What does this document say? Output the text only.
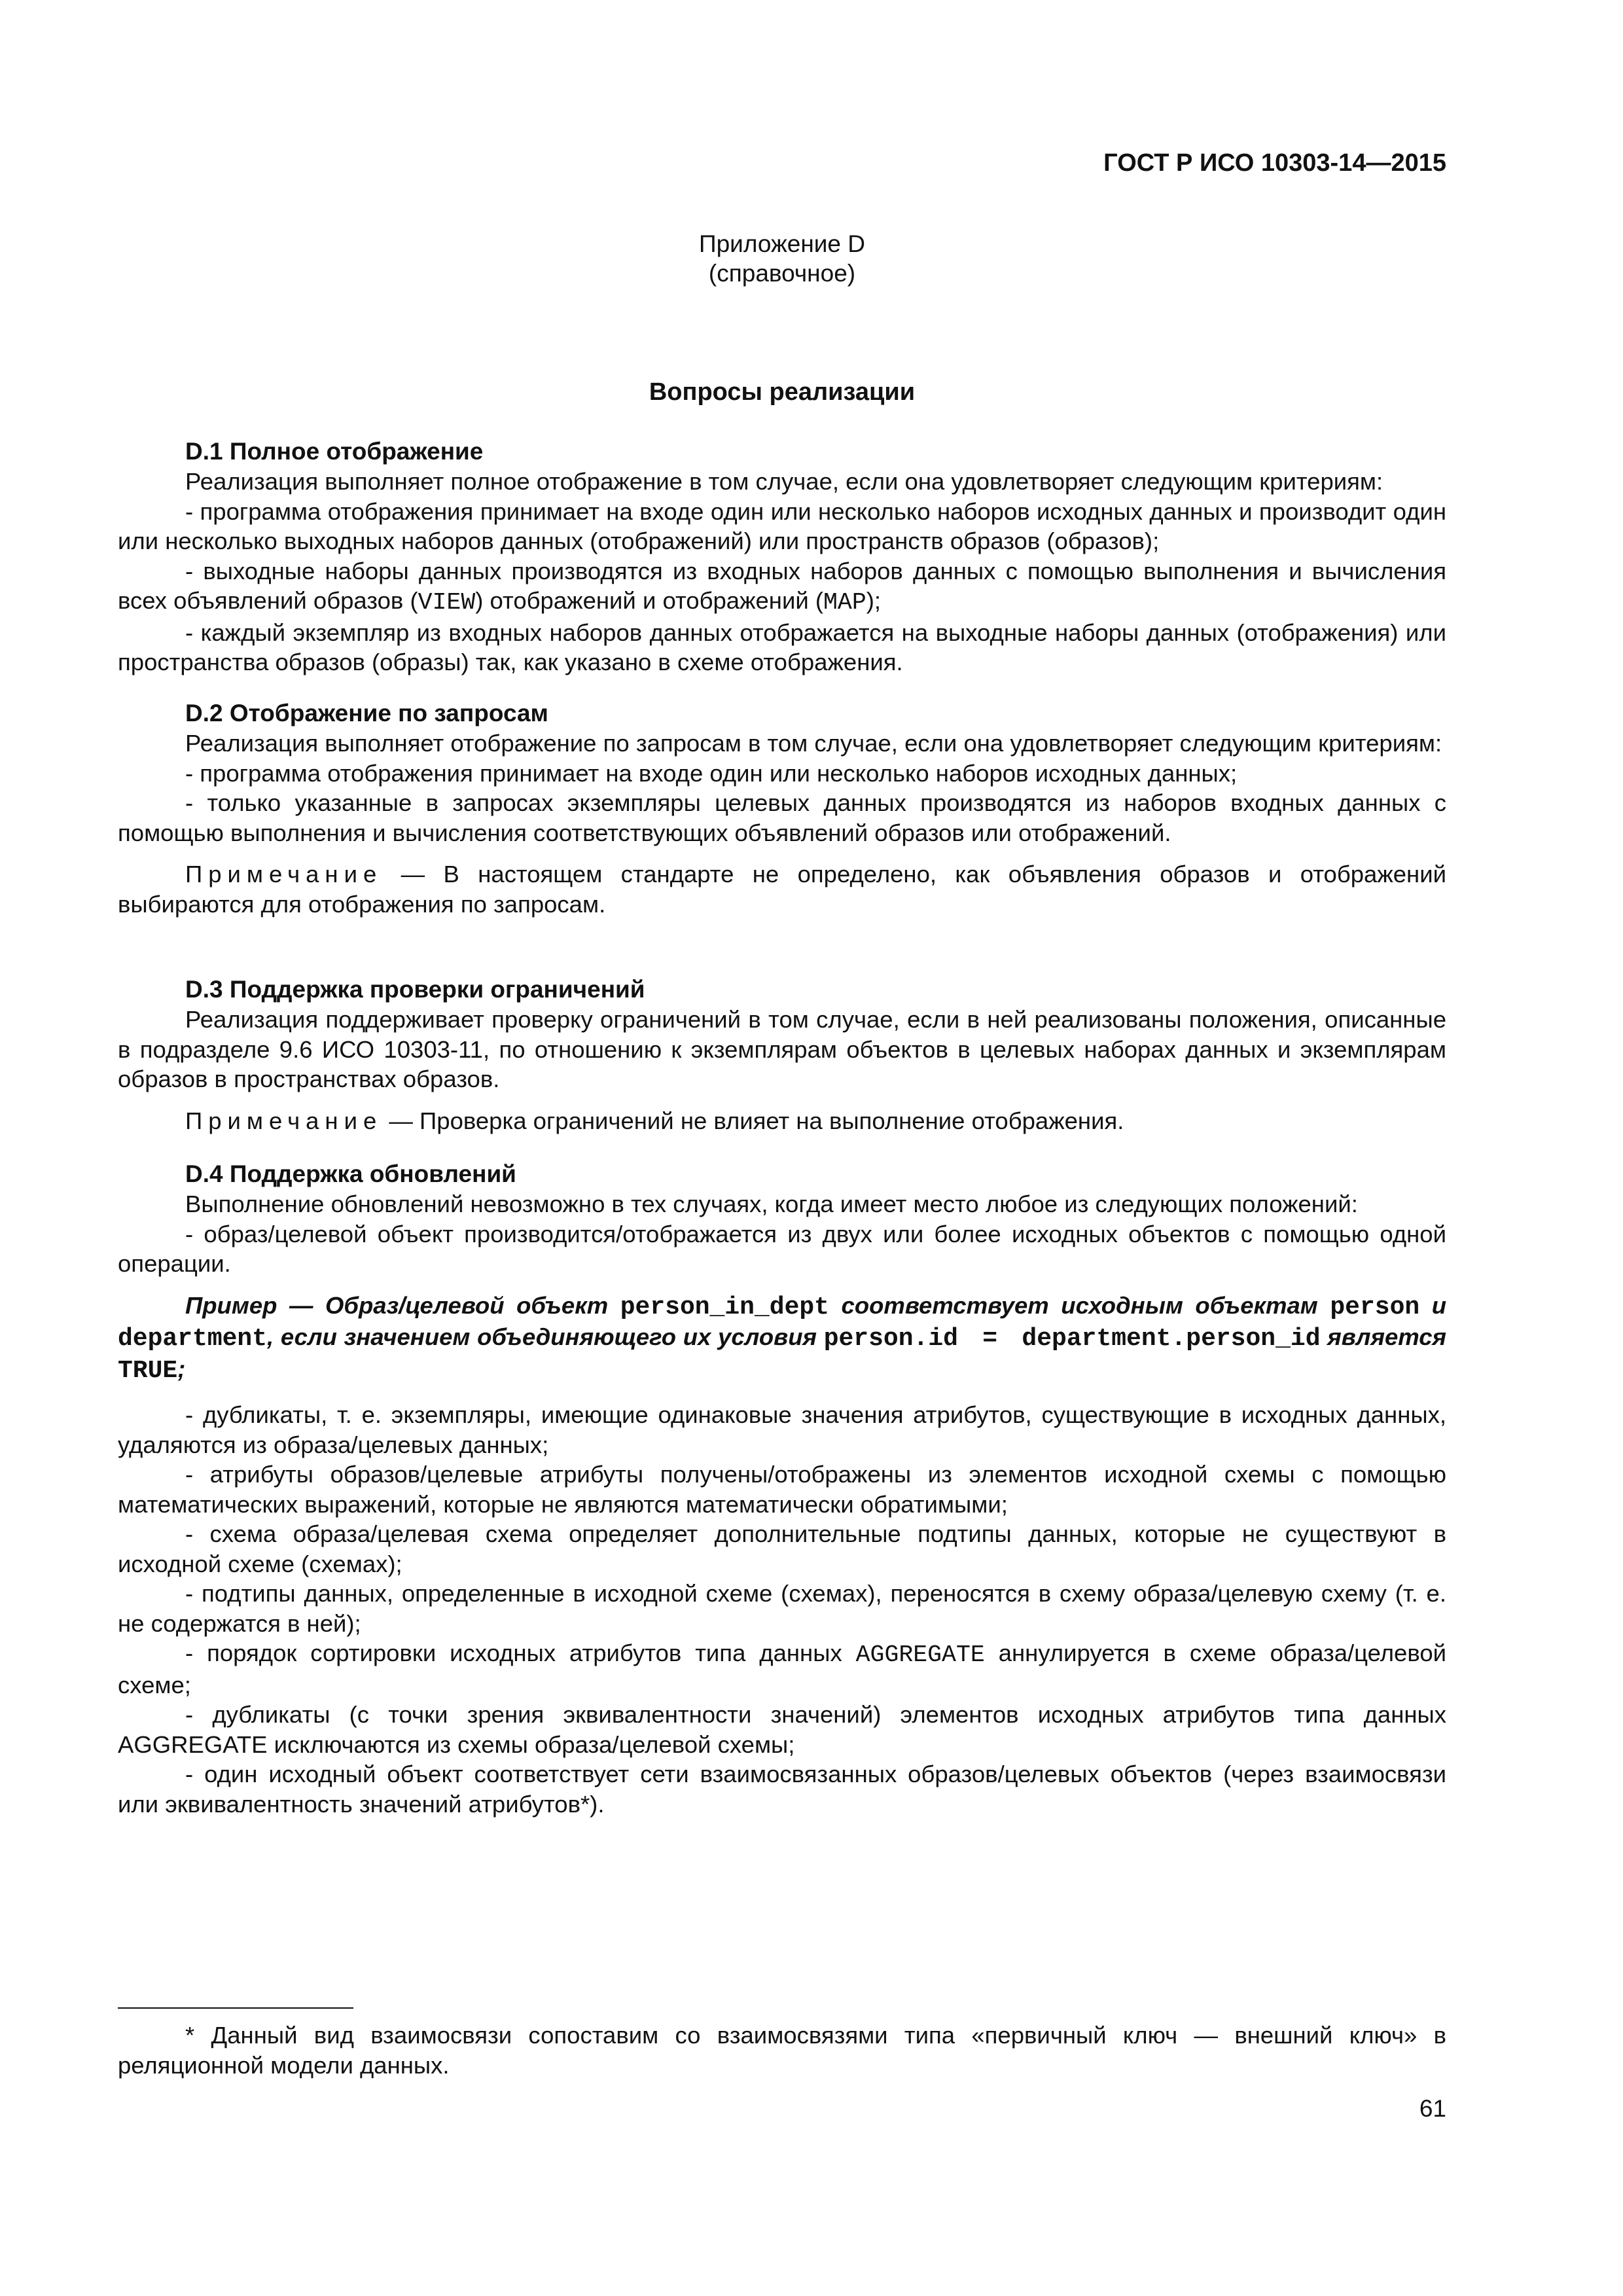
ГОСТ Р ИСО 10303-14—2015

Приложение D
(справочное)

Вопросы реализации

D.1 Полное отображение

Реализация выполняет полное отображение в том случае, если она удовлетворяет следующим критериям:

- программа отображения принимает на входе один или несколько наборов исходных данных и производит один или несколько выходных наборов данных (отображений) или пространств образов (образов);

- выходные наборы данных производятся из входных наборов данных с помощью выполнения и вычисления всех объявлений образов (VIEW) отображений и отображений (MAP);

- каждый экземпляр из входных наборов данных отображается на выходные наборы данных (отображения) или пространства образов (образы) так, как указано в схеме отображения.

D.2 Отображение по запросам

Реализация выполняет отображение по запросам в том случае, если она удовлетворяет следующим критериям:

- программа отображения принимает на входе один или несколько наборов исходных данных;

- только указанные в запросах экземпляры целевых данных производятся из наборов входных данных с помощью выполнения и вычисления соответствующих объявлений образов или отображений.

Примечание — В настоящем стандарте не определено, как объявления образов и отображений выбираются для отображения по запросам.

D.3 Поддержка проверки ограничений

Реализация поддерживает проверку ограничений в том случае, если в ней реализованы положения, описанные в подразделе 9.6 ИСО 10303-11, по отношению к экземплярам объектов в целевых наборах данных и экземплярам образов в пространствах образов.

Примечание — Проверка ограничений не влияет на выполнение отображения.

D.4 Поддержка обновлений

Выполнение обновлений невозможно в тех случаях, когда имеет место любое из следующих положений:

- образ/целевой объект производится/отображается из двух или более исходных объектов с помощью одной операции.

Пример — Образ/целевой объект person_in_dept соответствует исходным объектам person и department, если значением объединяющего их условия person.id = department.person_id является TRUE;

- дубликаты, т. е. экземпляры, имеющие одинаковые значения атрибутов, существующие в исходных данных, удаляются из образа/целевых данных;

- атрибуты образов/целевые атрибуты получены/отображены из элементов исходной схемы с помощью математических выражений, которые не являются математически обратимыми;

- схема образа/целевая схема определяет дополнительные подтипы данных, которые не существуют в исходной схеме (схемах);

- подтипы данных, определенные в исходной схеме (схемах), переносятся в схему образа/целевую схему (т. е. не содержатся в ней);

- порядок сортировки исходных атрибутов типа данных AGGREGATE аннулируется в схеме образа/целевой схеме;

- дубликаты (с точки зрения эквивалентности значений) элементов исходных атрибутов типа данных AGGREGATE исключаются из схемы образа/целевой схемы;

- один исходный объект соответствует сети взаимосвязанных образов/целевых объектов (через взаимосвязи или эквивалентность значений атрибутов*).

* Данный вид взаимосвязи сопоставим со взаимосвязями типа «первичный ключ — внешний ключ» в реляционной модели данных.

61
